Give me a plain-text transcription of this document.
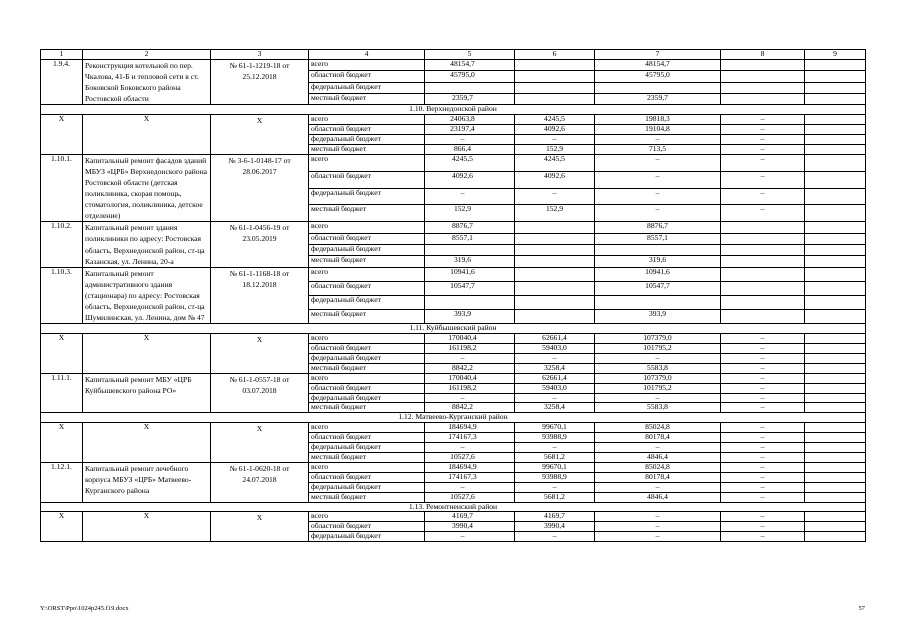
1	2	3	4	5	6	7	8	9
1.9.4.	Реконструкция котельной по пер. Чкалова, 41-Б и тепловой сети в ст. Боковской Боковского района Ростовской области	№ 61-1-1219-18 от 25.12.2018	всего	48154,7		48154,7		
			областной бюджет	45795,0		45795,0		
			федеральный бюджет					
			местный бюджет	2359,7		2359,7		
1.10. Верхнедонской район								
Х	Х	Х	всего	24063,8	4245,5	19818,3	–	
			областной бюджет	23197,4	4092,6	19104,8	–	
			федеральный бюджет	–	–	–	–	
			местный бюджет	866,4	152,9	713,5	–	
1.10.1.	Капитальный ремонт фасадов зданий МБУЗ «ЦРБ» Верхнедонского района Ростовской области (детская поликлиника, скорая помощь, стоматология, поликлиника, детское отделение)	№ 3-6-1-0148-17 от 28.06.2017	всего	4245,5	4245,5	–	–	
			областной бюджет	4092,6	4092,6	–	–	
			федеральный бюджет	–	–	–	–	
			местный бюджет	152,9	152,9	–	–	
1.10.2.	Капитальный ремонт здания поликлиники по адресу: Ростовская область, Верхнедонской район, ст-ца Казанская, ул. Ленина, 20-а	№ 61-1-0456-19 от 23.05.2019	всего	8876,7		8876,7		
			областной бюджет	8557,1		8557,1		
			федеральный бюджет					
			местный бюджет	319,6		319,6		
1.10.3.	Капитальный ремонт административного здания (стационара) по адресу: Ростовская область, Верхнедонской район, ст-ца Шумилинская, ул. Ленина, дом № 47	№ 61-1-1168-18 от 18.12.2018	всего	10941,6		10941,6		
			областной бюджет	10547,7		10547,7		
			федеральный бюджет					
			местный бюджет	393,9		393,9		
1.11. Куйбышевский район								
Х	Х	Х	всего	170040,4	62661,4	107379,0	–	
			областной бюджет	161198,2	59403,0	101795,2	–	
			федеральный бюджет	–	–	–	–	
			местный бюджет	8842,2	3258,4	5583,8	–	
1.11.1.	Капитальный ремонт МБУ «ЦРБ Куйбышевского района РО»	№ 61-1-0557-18 от 03.07.2018	всего	170040,4	62661,4	107379,0	–	
			областной бюджет	161198,2	59403,0	101795,2	–	
			федеральный бюджет	–	–	–	–	
			местный бюджет	8842,2	3258,4	5583,8	–	
1.12. Матвеево-Курганский район								
Х	Х	Х	всего	184694,9	99670,1	85024,8	–	
			областной бюджет	174167,3	93988,9	80178,4	–	
			федеральный бюджет	–	–	–	–	
			местный бюджет	10527,6	5681,2	4846,4	–	
1.12.1.	Капитальный ремонт лечебного корпуса МБУЗ «ЦРБ» Матвеево-Курганского района	№ 61-1-0620-18 от 24.07.2018	всего	184694,9	99670,1	85024,8	–	
			областной бюджет	174167,3	93988,9	80178,4	–	
			федеральный бюджет	–	–	–	–	
			местный бюджет	10527,6	5681,2	4846,4	–	
1.13. Ремонтненский район								
Х	Х	Х	всего	4169,7	4169,7	–	–	
			областной бюджет	3990,4	3990,4	–	–	
			федеральный бюджет	–	–	–	–	
Y:\ORST\Ppo\1024p245.f19.docx	57
